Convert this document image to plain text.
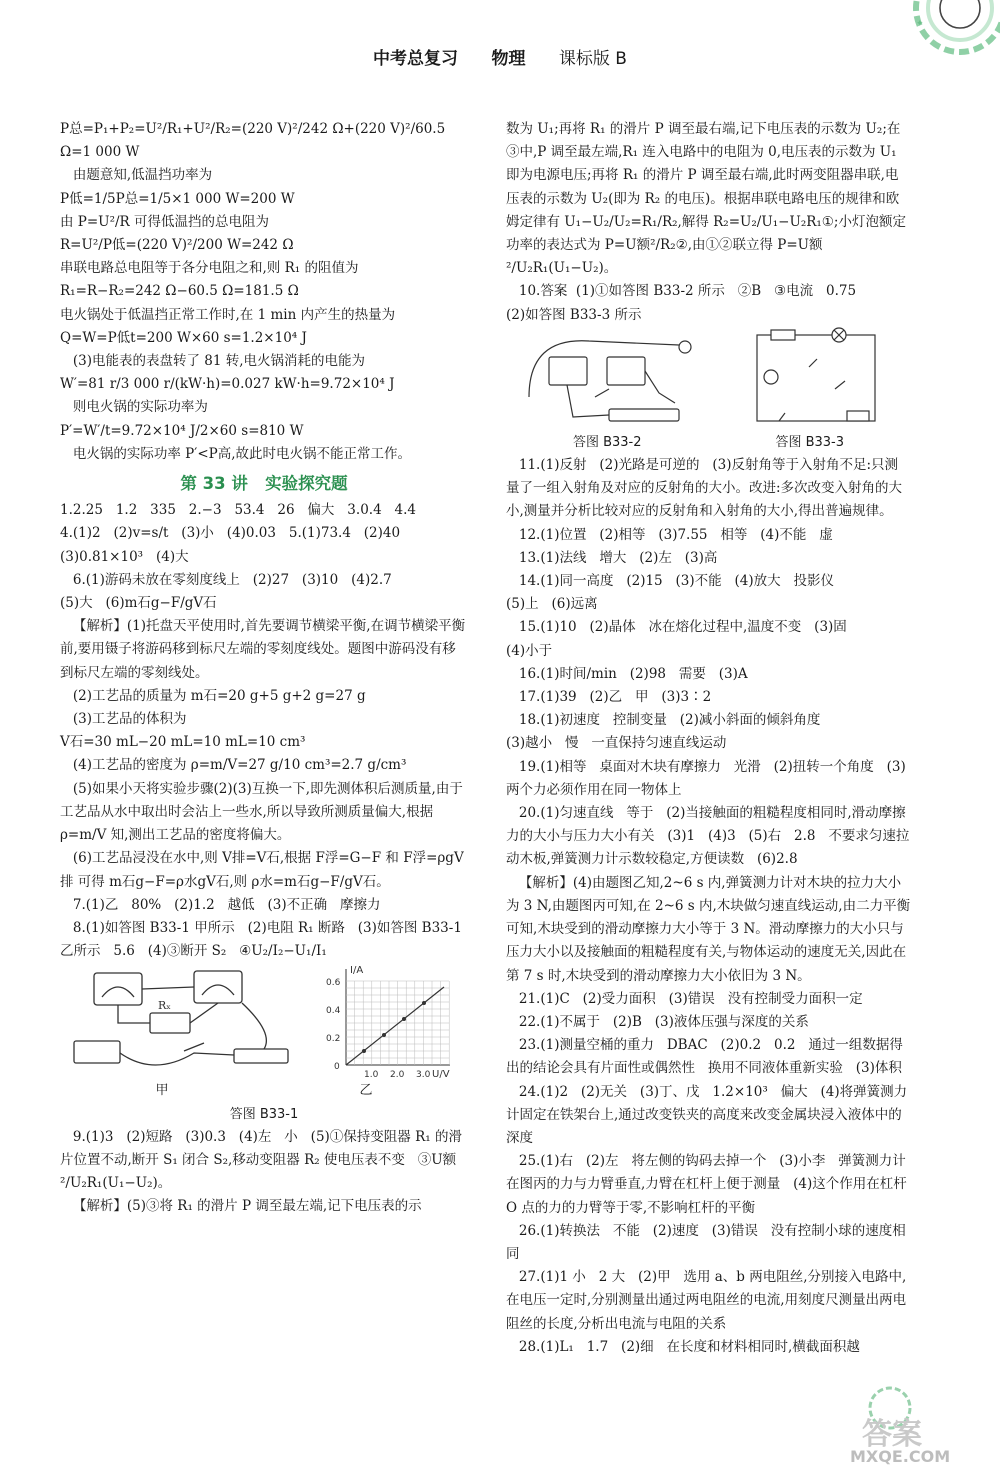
中考总复习 物理 课标版 B
✦

P总=P₁+P₂=U²/R₁+U²/R₂=(220 V)²/242 Ω+(220 V)²/60.5 Ω=1 000 W

由题意知,低温挡功率为

P低=1/5P总=1/5×1 000 W=200 W

由 P=U²/R 可得低温挡的总电阻为

R=U²/P低=(220 V)²/200 W=242 Ω

串联电路总电阻等于各分电阻之和,则 R₁ 的阻值为

R₁=R−R₂=242 Ω−60.5 Ω=181.5 Ω

电火锅处于低温挡正常工作时,在 1 min 内产生的热量为

Q=W=P低t=200 W×60 s=1.2×10⁴ J

(3)电能表的表盘转了 81 转,电火锅消耗的电能为

W′=81 r/3 000 r/(kW·h)=0.027 kW·h=9.72×10⁴ J

则电火锅的实际功率为

P′=W′/t=9.72×10⁴ J/2×60 s=810 W

电火锅的实际功率 P′<P高,故此时电火锅不能正常工作。

第 33 讲   实验探究题

1.2.25   1.2   335   2.−3   53.4   26   偏大   3.0.4   4.4

4.(1)2   (2)v=s/t   (3)小   (4)0.03   5.(1)73.4   (2)40

(3)0.81×10³   (4)大

6.(1)游码未放在零刻度线上   (2)27   (3)10   (4)2.7

(5)大   (6)m石g−F/gV石

【解析】(1)托盘天平使用时,首先要调节横梁平衡,在调节横梁平衡前,要用镊子将游码移到标尺左端的零刻度线处。题图中游码没有移到标尺左端的零刻线处。

(2)工艺品的质量为 m石=20 g+5 g+2 g=27 g

(3)工艺品的体积为

V石=30 mL−20 mL=10 mL=10 cm³

(4)工艺品的密度为 ρ=m/V=27 g/10 cm³=2.7 g/cm³

(5)如果小天将实验步骤(2)(3)互换一下,即先测体积后测质量,由于工艺品从水中取出时会沾上一些水,所以导致所测质量偏大,根据 ρ=m/V 知,测出工艺品的密度将偏大。

(6)工艺品浸没在水中,则 V排=V石,根据 F浮=G−F 和 F浮=ρgV排 可得 m石g−F=ρ水gV石,则 ρ水=m石g−F/gV石。

7.(1)乙   80%   (2)1.2   越低   (3)不正确   摩擦力

8.(1)如答图 B33-1 甲所示   (2)电阻 R₁ 断路   (3)如答图 B33-1 乙所示   5.6   (4)③断开 S₂   ④U₂/I₂−U₁/I₁

Rₓ
I/A
U/V
0
0.2
0.4
0.6
1.0 2.0 3.0
甲	乙

答图 B33-1

9.(1)3   (2)短路   (3)0.3   (4)左   小   (5)①保持变阻器 R₁ 的滑片位置不动,断开 S₁ 闭合 S₂,移动变阻器 R₂ 使电压表不变   ③U额²/U₂R₁(U₁−U₂)。

【解析】(5)③将 R₁ 的滑片 P 调至最左端,记下电压表的示

数为 U₁;再将 R₁ 的滑片 P 调至最右端,记下电压表的示数为 U₂;在③中,P 调至最左端,R₁ 连入电路中的电阻为 0,电压表的示数为 U₁ 即为电源电压;再将 R₁ 的滑片 P 调至最右端,此时两变阻器串联,电压表的示数为 U₂(即为 R₂ 的电压)。根据串联电路电压的规律和欧姆定律有 U₁−U₂/U₂=R₁/R₂,解得 R₂=U₂/U₁−U₂R₁①;小灯泡额定功率的表达式为 P=U额²/R₂②,由①②联立得 P=U额²/U₂R₁(U₁−U₂)。

10.答案  (1)①如答图 B33-2 所示   ②B   ③电流   0.75

(2)如答图 B33-3 所示

答图 B33-2	答图 B33-3

11.(1)反射   (2)光路是可逆的   (3)反射角等于入射角不足:只测量了一组入射角及对应的反射角的大小。改进:多次改变入射角的大小,测量并分析比较对应的反射角和入射角的大小,得出普遍规律。

12.(1)位置   (2)相等   (3)7.55   相等   (4)不能   虚

13.(1)法线   增大   (2)左   (3)高

14.(1)同一高度   (2)15   (3)不能   (4)放大   投影仪

(5)上   (6)远离

15.(1)10   (2)晶体   冰在熔化过程中,温度不变   (3)固

(4)小于

16.(1)时间/min   (2)98   需要   (3)A

17.(1)39   (2)乙   甲   (3)3∶2

18.(1)初速度   控制变量   (2)减小斜面的倾斜角度

(3)越小   慢   一直保持匀速直线运动

19.(1)相等   桌面对木块有摩擦力   光滑   (2)扭转一个角度   (3)两个力必须作用在同一物体上

20.(1)匀速直线   等于   (2)当接触面的粗糙程度相同时,滑动摩擦力的大小与压力大小有关   (3)1   (4)3   (5)右   2.8   不要求匀速拉动木板,弹簧测力计示数较稳定,方便读数   (6)2.8

【解析】(4)由题图乙知,2~6 s 内,弹簧测力计对木块的拉力大小为 3 N,由题图丙可知,在 2~6 s 内,木块做匀速直线运动,由二力平衡可知,木块受到的滑动摩擦力大小等于 3 N。滑动摩擦力的大小只与压力大小以及接触面的粗糙程度有关,与物体运动的速度无关,因此在第 7 s 时,木块受到的滑动摩擦力大小依旧为 3 N。

21.(1)C   (2)受力面积   (3)错误   没有控制受力面积一定

22.(1)不属于   (2)B   (3)液体压强与深度的关系

23.(1)测量空桶的重力   DBAC   (2)0.2   0.2   通过一组数据得出的结论会具有片面性或偶然性   换用不同液体重新实验   (3)体积

24.(1)2   (2)无关   (3)丁、戊   1.2×10³   偏大   (4)将弹簧测力计固定在铁架台上,通过改变铁夹的高度来改变金属块浸入液体中的深度

25.(1)右   (2)左   将左侧的钩码去掉一个   (3)小李   弹簧测力计在图丙的力与力臂垂直,力臂在杠杆上便于测量   (4)这个作用在杠杆 O 点的力的力臂等于零,不影响杠杆的平衡

26.(1)转换法   不能   (2)速度   (3)错误   没有控制小球的速度相同

27.(1)1 小   2 大   (2)甲   选用 a、b 两电阻丝,分别接入电路中,在电压一定时,分别测量出通过两电阻丝的电流,用刻度尺测量出两电阻丝的长度,分析出电流与电阻的关系

28.(1)L₁   1.7   (2)细   在长度和材料相同时,横截面积越

答案
MXQE.COM
